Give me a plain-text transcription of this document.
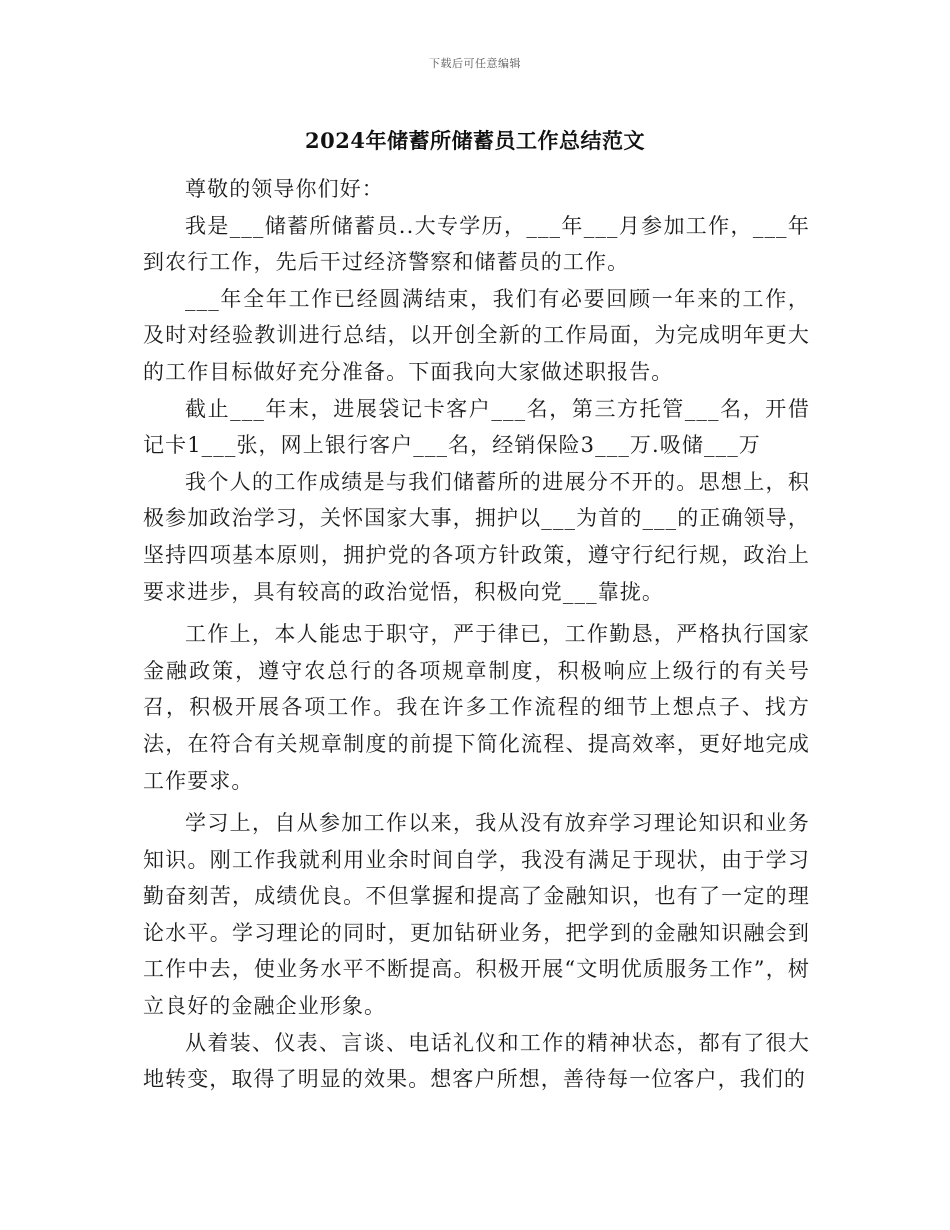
下载后可任意编辑
2024年储蓄所储蓄员工作总结范文

尊敬的领导你们好：

我是___储蓄所储蓄员..大专学历，___年___月参加工作，___年到农行工作，先后干过经济警察和储蓄员的工作。

___年全年工作已经圆满结束，我们有必要回顾一年来的工作，及时对经验教训进行总结，以开创全新的工作局面，为完成明年更大的工作目标做好充分准备。下面我向大家做述职报告。

截止___年末，进展袋记卡客户___名，第三方托管___名，开借记卡1___张，网上银行客户___名，经销保险3___万.吸储___万

我个人的工作成绩是与我们储蓄所的进展分不开的。思想上，积极参加政治学习，关怀国家大事，拥护以___为首的___的正确领导，坚持四项基本原则，拥护党的各项方针政策，遵守行纪行规，政治上要求进步，具有较高的政治觉悟，积极向党___靠拢。

工作上，本人能忠于职守，严于律已，工作勤恳，严格执行国家金融政策，遵守农总行的各项规章制度，积极响应上级行的有关号召，积极开展各项工作。我在许多工作流程的细节上想点子、找方法，在符合有关规章制度的前提下简化流程、提高效率，更好地完成工作要求。

学习上，自从参加工作以来，我从没有放弃学习理论知识和业务知识。刚工作我就利用业余时间自学，我没有满足于现状，由于学习勤奋刻苦，成绩优良。不但掌握和提高了金融知识，也有了一定的理论水平。学习理论的同时，更加钻研业务，把学到的金融知识融会到工作中去，使业务水平不断提高。积极开展“文明优质服务工作”，树立良好的金融企业形象。

从着装、仪表、言谈、电话礼仪和工作的精神状态，都有了很大地转变，取得了明显的效果。想客户所想，善待每一位客户，我们的
